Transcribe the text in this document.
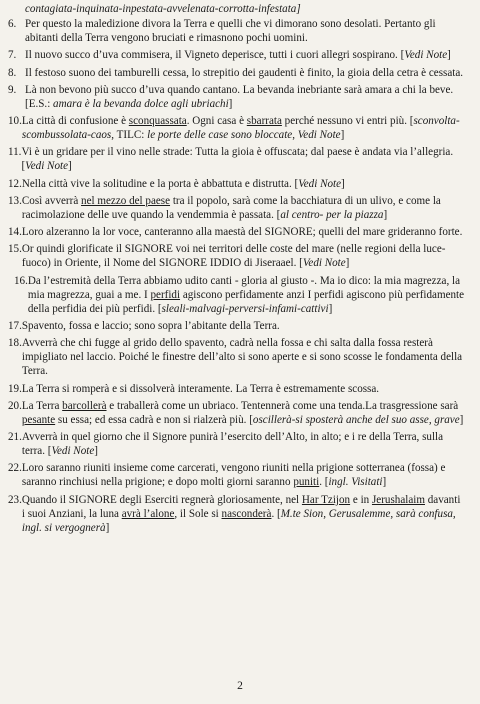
contagiata-inquinata-inpestata-avvelenata-corrotta-infestata]
6. Per questo la maledizione divora la Terra e quelli che vi dimorano sono desolati. Pertanto gli abitanti della Terra vengono bruciati e rimasnono pochi uomini.
7. Il nuovo succo d’uva commisera, il Vigneto deperisce, tutti i cuori allegri sospirano. [Vedi Note]
8. Il festoso suono dei tamburelli cessa, lo strepitio dei gaudenti è finito, la gioia della cetra è cessata.
9. Là non bevono più succo d’uva quando cantano. La bevanda inebriante sarà amara a chi la beve. [E.S.: amara è la bevanda dolce agli ubriachi]
10. La città di confusione è sconquassata. Ogni casa è sbarrata perché nessuno vi entri più. [sconvolta-scombussolata-caos, TILC: le porte delle case sono bloccate, Vedi Note]
11. Vi è un gridare per il vino nelle strade: Tutta la gioia è offuscata; dal paese è andata via l’allegria. [Vedi Note]
12. Nella città vive la solitudine e la porta è abbattuta e distrutta. [Vedi Note]
13. Così avverrà nel mezzo del paese tra il popolo, sarà come la bacchiatura di un ulivo, e come la racimolazione delle uve quando la vendemmia è passata. [al centro- per la piazza]
14. Loro alzeranno la lor voce, canteranno alla maestà del SIGNORE; quelli del mare grideranno forte.
15. Or quindi glorificate il SIGNORE voi nei territori delle coste del mare (nelle regioni della luce-fuoco) in Oriente, il Nome del SIGNORE IDDIO di Jiseraael. [Vedi Note]
16. Da l’estremità della Terra abbiamo udito canti - gloria al giusto -. Ma io dico: la mia magrezza, la mia magrezza, guai a me. I perfidi agiscono perfidamente anzi I perfidi agiscono più perfidamente della perfidia dei più perfidi. [sleali-malvagi-perversi-infami-cattivi]
17. Spavento, fossa e laccio; sono sopra l’abitante della Terra.
18. Avverrà che chi fugge al grido dello spavento, cadrà nella fossa e chi salta dalla fossa resterà impigliato nel laccio. Poiché le finestre dell’alto si sono aperte e si sono scosse le fondamenta della Terra.
19. La Terra si romperà e si dissolverà interamente. La Terra è estremamente scossa.
20. La Terra barcollerà e traballerà come un ubriaco. Tentennerà come una tenda.La trasgressione sarà pesante su essa; ed essa cadrà e non si rialzerà più. [oscillerà-si sposterà anche del suo asse, grave]
21. Avverrà in quel giorno che il Signore punirà l’esercito dell’Alto, in alto; e i re della Terra, sulla terra. [Vedi Note]
22. Loro saranno riuniti insieme come carcerati, vengono riuniti nella prigione sotterranea (fossa) e saranno rinchiusi nella prigione; e dopo molti giorni saranno puniti. [ingl. Visitati]
23. Quando il SIGNORE degli Eserciti regnerà gloriosamente, nel Har Tzijon e in Jerushalaim davanti i suoi Anziani, la luna avrà l’alone, il Sole si nasconderà. [M.te Sion, Gerusalemme, sarà confusa, ingl. si vergognerà]
2
